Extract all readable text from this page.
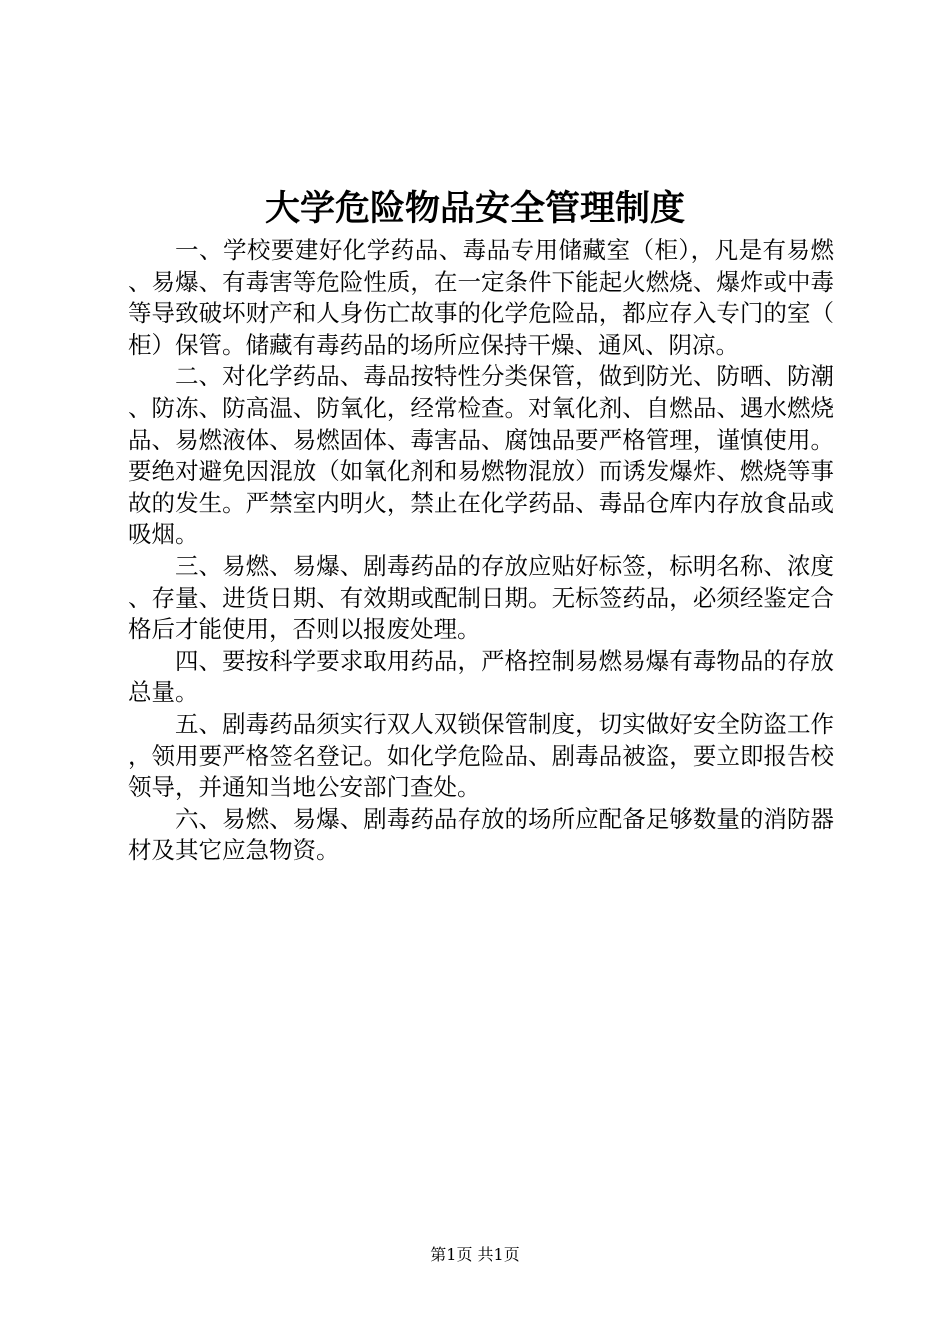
大学危险物品安全管理制度

一、学校要建好化学药品、毒品专用储藏室（柜），凡是有易燃、易爆、有毒害等危险性质，在一定条件下能起火燃烧、爆炸或中毒等导致破坏财产和人身伤亡故事的化学危险品，都应存入专门的室（柜）保管。储藏有毒药品的场所应保持干燥、通风、阴凉。

二、对化学药品、毒品按特性分类保管，做到防光、防晒、防潮、防冻、防高温、防氧化，经常检查。对氧化剂、自燃品、遇水燃烧品、易燃液体、易燃固体、毒害品、腐蚀品要严格管理，谨慎使用。要绝对避免因混放（如氧化剂和易燃物混放）而诱发爆炸、燃烧等事故的发生。严禁室内明火，禁止在化学药品、毒品仓库内存放食品或吸烟。

三、易燃、易爆、剧毒药品的存放应贴好标签，标明名称、浓度、存量、进货日期、有效期或配制日期。无标签药品，必须经鉴定合格后才能使用，否则以报废处理。

四、要按科学要求取用药品，严格控制易燃易爆有毒物品的存放总量。

五、剧毒药品须实行双人双锁保管制度，切实做好安全防盗工作，领用要严格签名登记。如化学危险品、剧毒品被盗，要立即报告校领导，并通知当地公安部门查处。

六、易燃、易爆、剧毒药品存放的场所应配备足够数量的消防器材及其它应急物资。

第1页 共1页
